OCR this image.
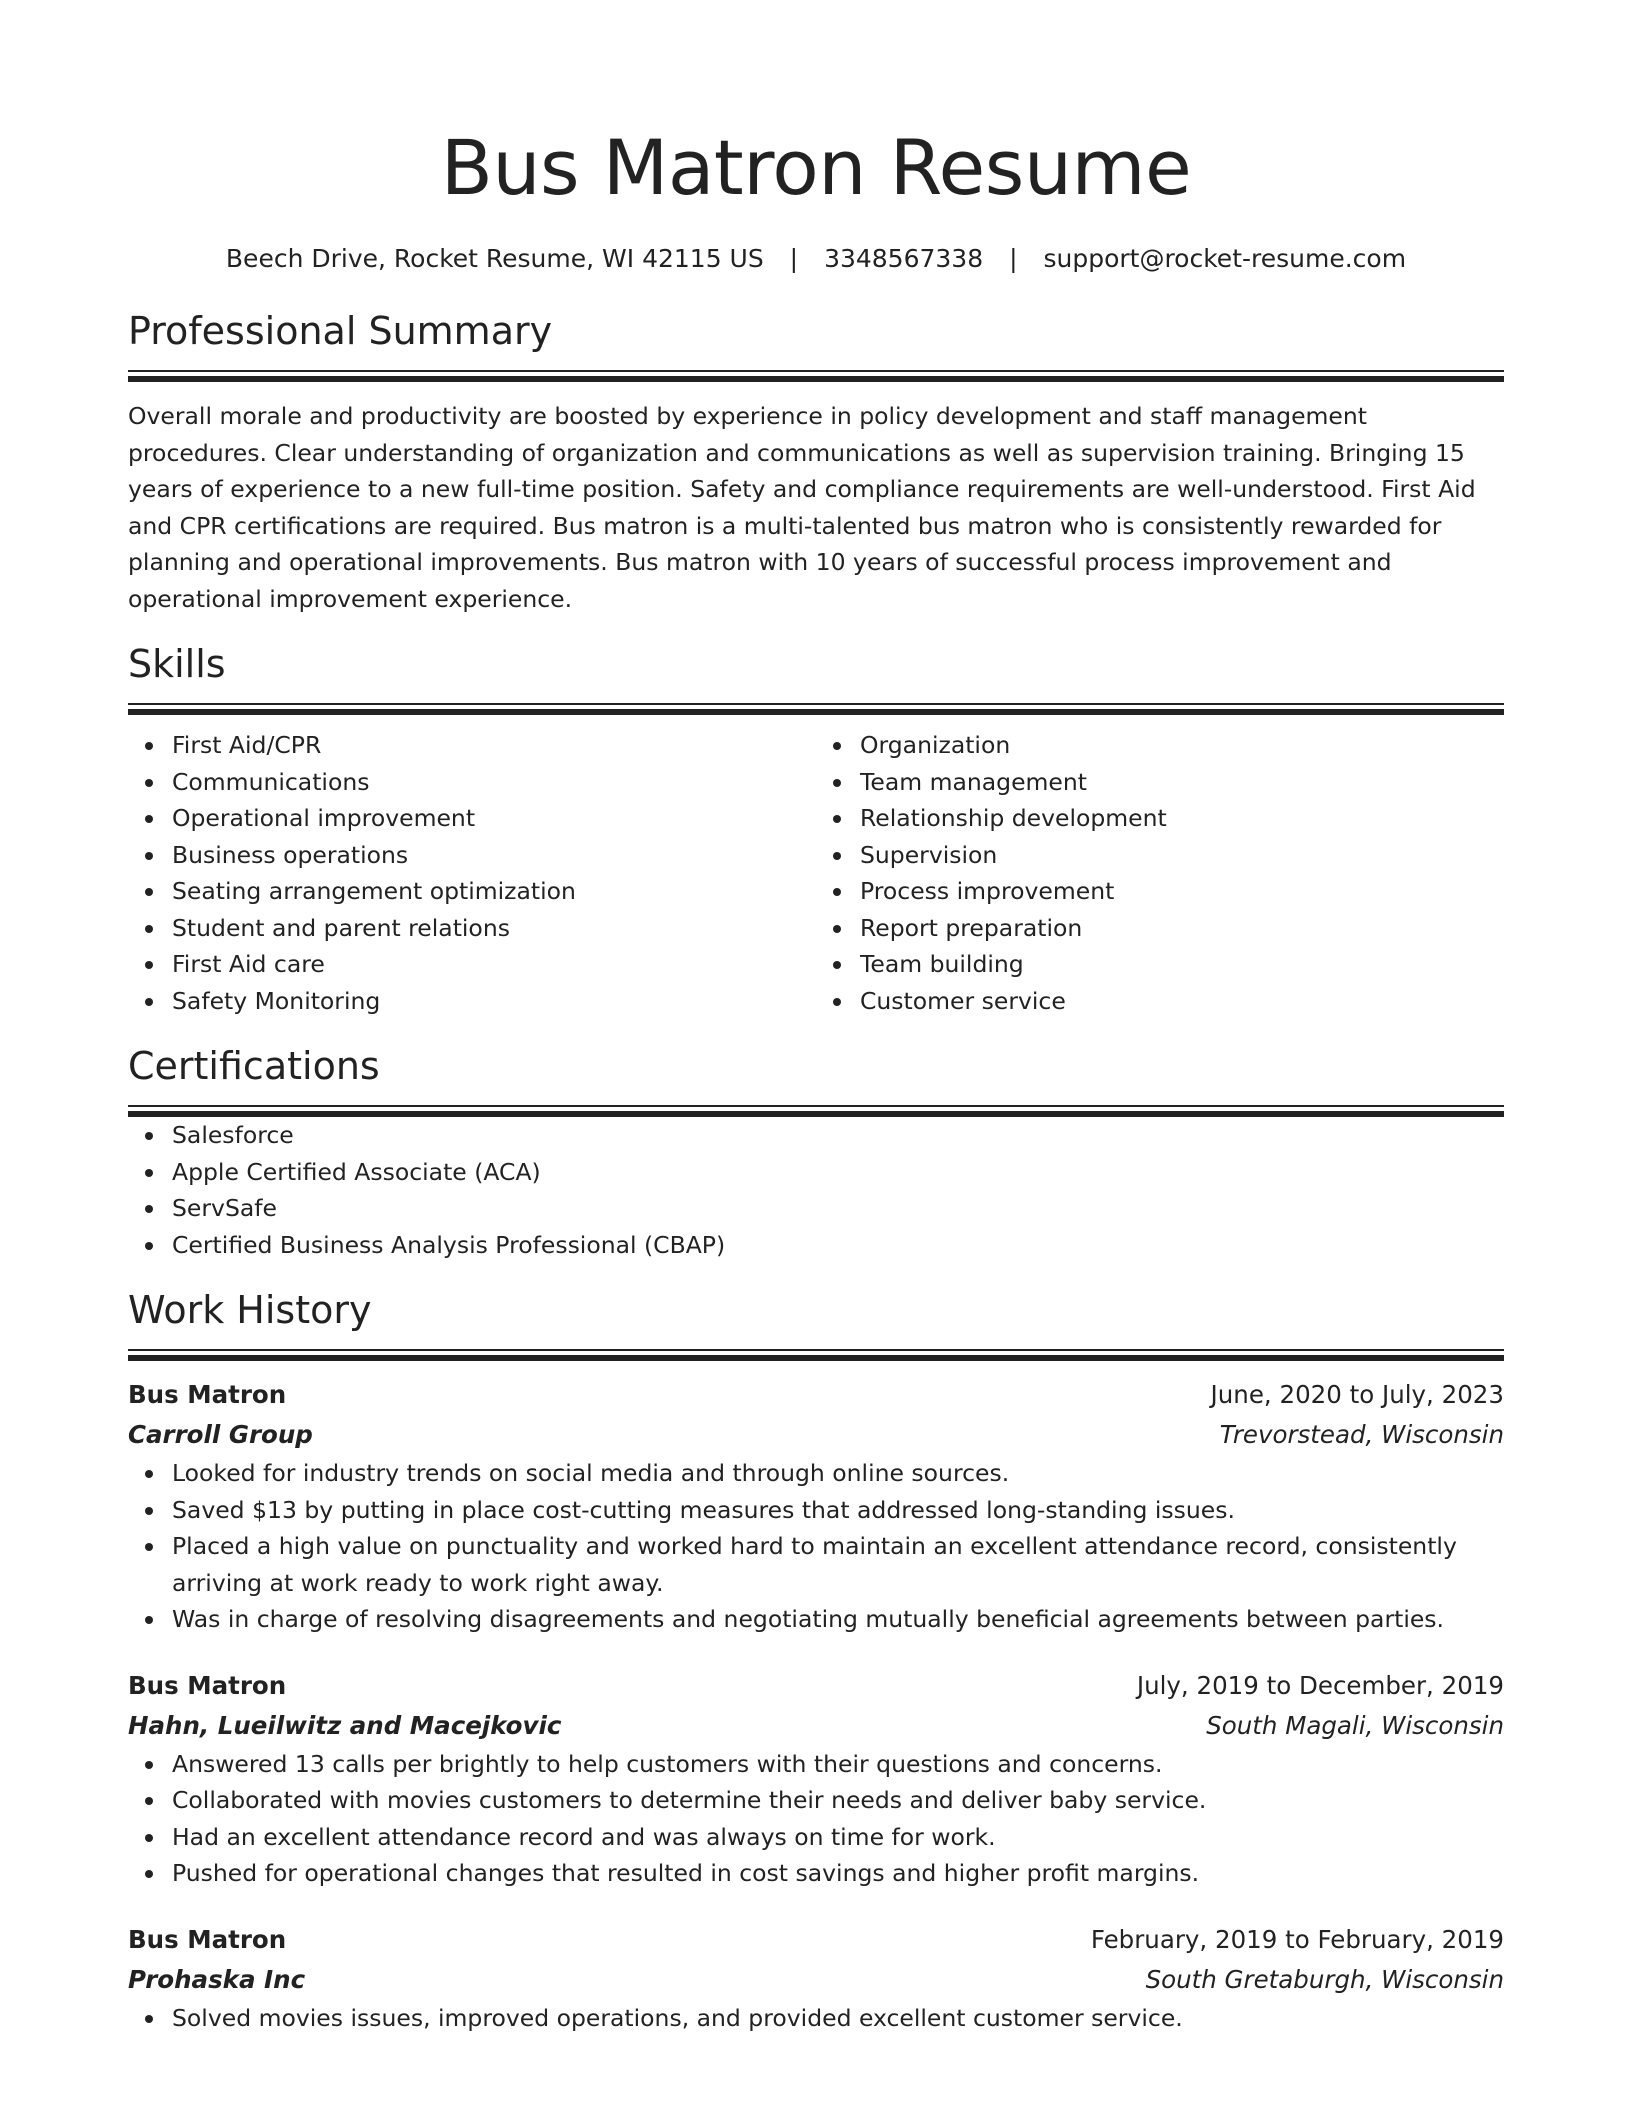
Bus Matron Resume
Beech Drive, Rocket Resume, WI 42115 US | 3348567338 | support@rocket-resume.com
Professional Summary

Overall morale and productivity are boosted by experience in policy development and staff management procedures. Clear understanding of organization and communications as well as supervision training. Bringing 15 years of experience to a new full-time position. Safety and compliance requirements are well-understood. First Aid and CPR certifications are required. Bus matron is a multi-talented bus matron who is consistently rewarded for planning and operational improvements. Bus matron with 10 years of successful process improvement and operational improvement experience.

Skills
First Aid/CPR
Communications
Operational improvement
Business operations
Seating arrangement optimization
Student and parent relations
First Aid care
Safety Monitoring
Organization
Team management
Relationship development
Supervision
Process improvement
Report preparation
Team building
Customer service
Certifications
Salesforce
Apple Certified Associate (ACA)
ServSafe
Certified Business Analysis Professional (CBAP)
Work History
Bus Matron	June, 2020 to July, 2023
Carroll Group	Trevorstead, Wisconsin
Looked for industry trends on social media and through online sources.
Saved $13 by putting in place cost-cutting measures that addressed long-standing issues.
Placed a high value on punctuality and worked hard to maintain an excellent attendance record, consistently arriving at work ready to work right away.
Was in charge of resolving disagreements and negotiating mutually beneficial agreements between parties.
Bus Matron	July, 2019 to December, 2019
Hahn, Lueilwitz and Macejkovic	South Magali, Wisconsin
Answered 13 calls per brightly to help customers with their questions and concerns.
Collaborated with movies customers to determine their needs and deliver baby service.
Had an excellent attendance record and was always on time for work.
Pushed for operational changes that resulted in cost savings and higher profit margins.
Bus Matron	February, 2019 to February, 2019
Prohaska Inc	South Gretaburgh, Wisconsin
Solved movies issues, improved operations, and provided excellent customer service.
